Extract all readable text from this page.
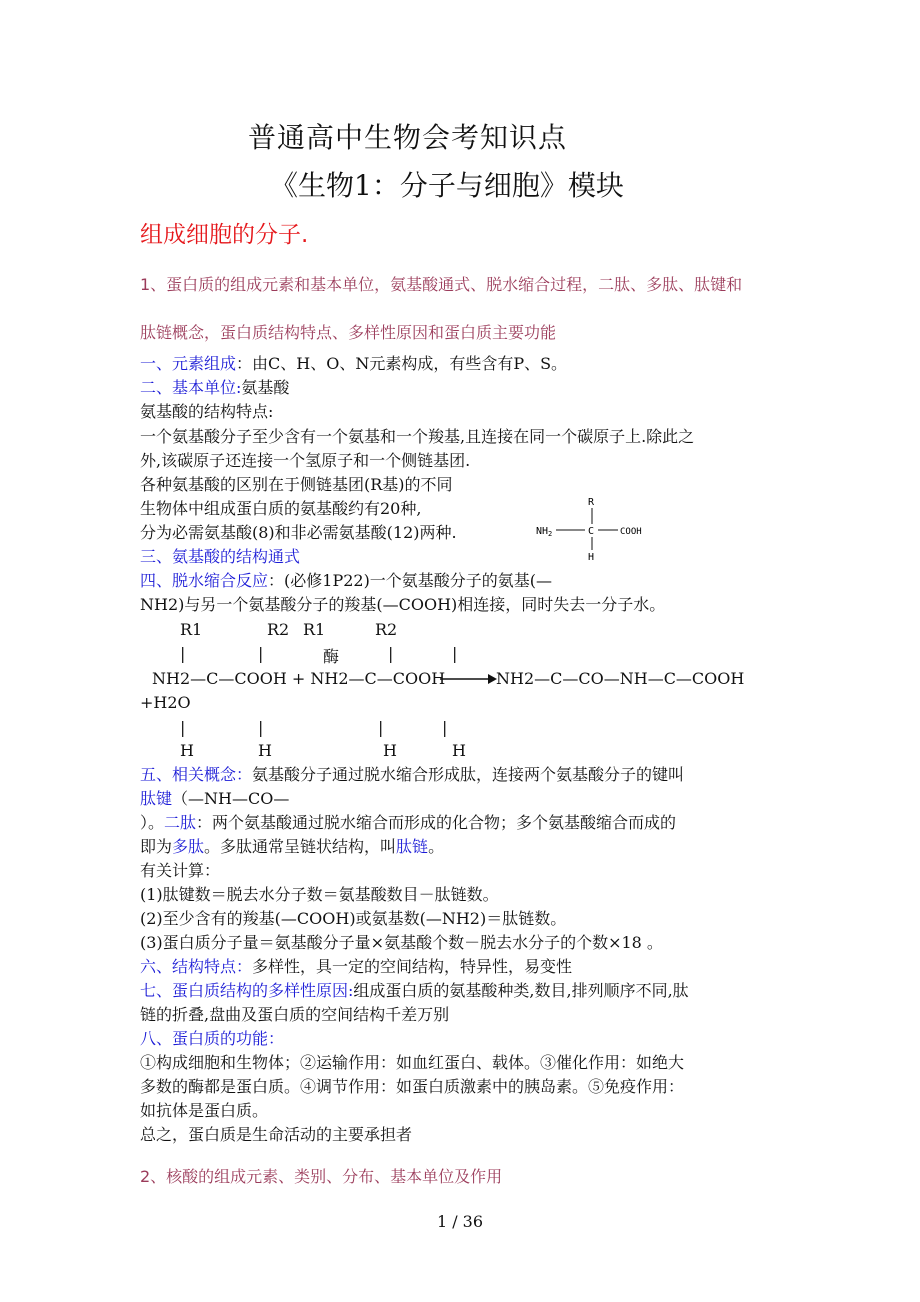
普通高中生物会考知识点
《生物1：分子与细胞》模块
组成细胞的分子.
1、蛋白质的组成元素和基本单位，氨基酸通式、脱水缩合过程，二肽、多肽、肽键和
肽链概念，蛋白质结构特点、多样性原因和蛋白质主要功能
一、元素组成：由C、H、O、N元素构成，有些含有P、S。
二、基本单位:氨基酸
氨基酸的结构特点:
一个氨基酸分子至少含有一个氨基和一个羧基,且连接在同一个碳原子上.除此之
外,该碳原子还连接一个氢原子和一个侧链基团.
各种氨基酸的区别在于侧链基团(R基)的不同
生物体中组成蛋白质的氨基酸约有20种,
分为必需氨基酸(8)和非必需氨基酸(12)两种.
R
NH 2	C	COOH
H
三、氨基酸的结构通式
四、脱水缩合反应：(必修1P22)一个氨基酸分子的氨基(—
NH2)与另一个氨基酸分子的羧基(—COOH)相连接，同时失去一分子水。
R1	R2 R1	R2
|	|	酶	|	|
NH2—C—COOH + NH2—C—COOH	NH2—C—CO—NH—C—COOH
+H2O
|	|	|	|
H	H	H	H
五、相关概念：氨基酸分子通过脱水缩合形成肽，连接两个氨基酸分子的键叫
肽键（—NH—CO—
）。二肽：两个氨基酸通过脱水缩合而形成的化合物；多个氨基酸缩合而成的
即为多肽。多肽通常呈链状结构，叫肽链。
有关计算：
(1)肽键数＝脱去水分子数＝氨基酸数目－肽链数。
(2)至少含有的羧基(—COOH)或氨基数(—NH2)＝肽链数。
(3)蛋白质分子量＝氨基酸分子量×氨基酸个数－脱去水分子的个数×18 。
六、结构特点：多样性，具一定的空间结构，特异性，易变性
七、蛋白质结构的多样性原因:组成蛋白质的氨基酸种类,数目,排列顺序不同,肽
链的折叠,盘曲及蛋白质的空间结构千差万别
八、蛋白质的功能：
①构成细胞和生物体；②运输作用：如血红蛋白、载体。③催化作用：如绝大
多数的酶都是蛋白质。④调节作用：如蛋白质激素中的胰岛素。⑤免疫作用：
如抗体是蛋白质。
总之，蛋白质是生命活动的主要承担者
2、核酸的组成元素、类别、分布、基本单位及作用
1 / 36
